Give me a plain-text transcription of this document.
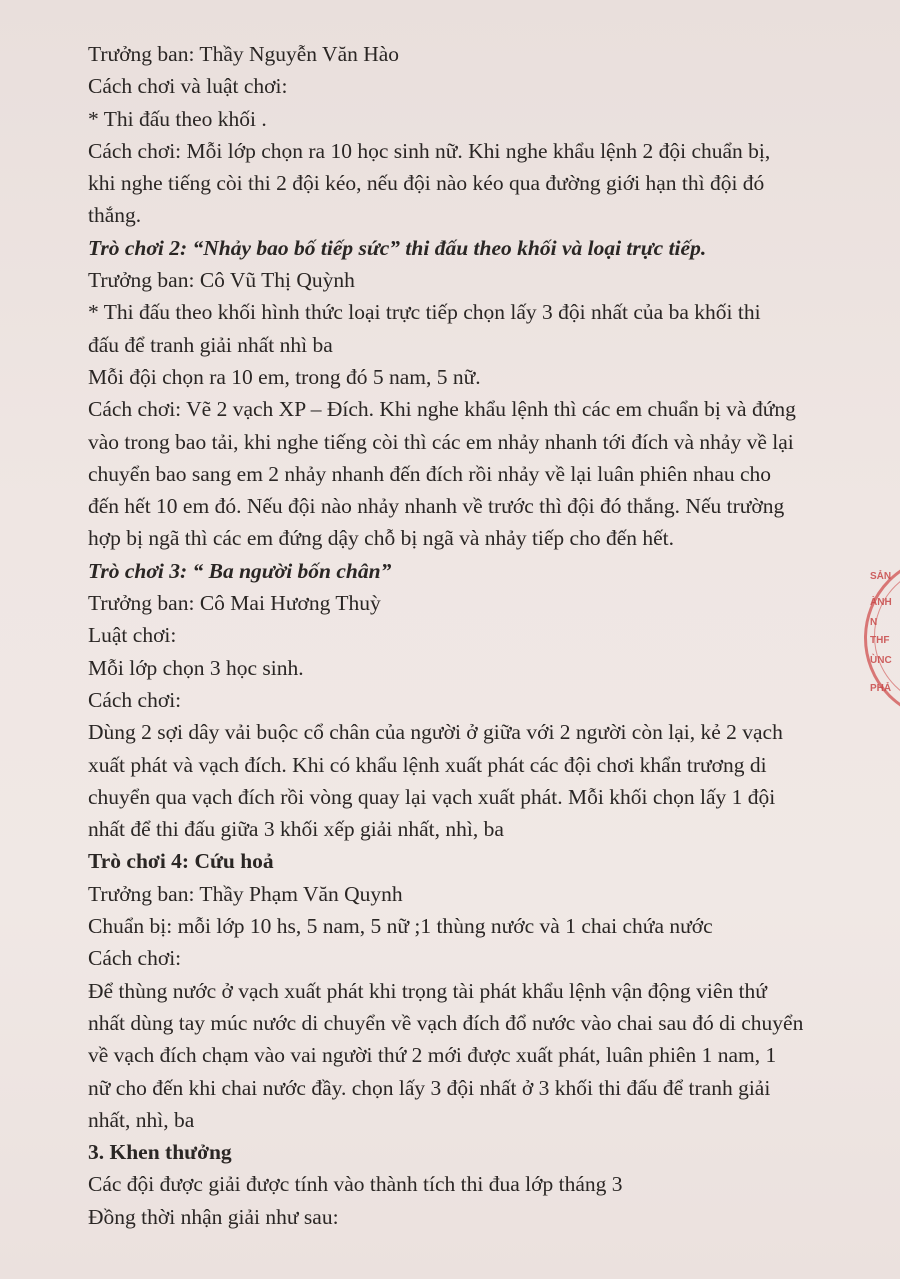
Trưởng ban: Thầy Nguyễn Văn Hào
Cách chơi và luật chơi:
* Thi đấu theo khối .
Cách chơi: Mỗi lớp chọn ra 10 học sinh nữ. Khi nghe khẩu lệnh 2 đội chuẩn bị,
khi nghe tiếng còi thi 2 đội kéo, nếu đội nào kéo qua đường giới hạn thì đội đó
thắng.
Trò chơi 2: “Nhảy bao bố tiếp sức” thi đấu theo khối và loại trực tiếp.
Trưởng ban: Cô Vũ Thị Quỳnh
* Thi đấu theo khối hình thức loại trực tiếp chọn lấy 3 đội nhất của ba khối thi
đấu để tranh giải nhất nhì ba
Mỗi đội chọn ra 10 em, trong đó 5 nam, 5 nữ.
Cách chơi: Vẽ 2 vạch XP – Đích. Khi nghe khẩu lệnh thì các em chuẩn bị và đứng
vào trong bao tải, khi nghe tiếng còi thì các em nhảy nhanh tới đích và nhảy về lại
chuyển bao sang em 2 nhảy nhanh đến đích rồi nhảy về lại luân phiên nhau cho
đến hết 10 em đó. Nếu đội nào nhảy nhanh về trước thì đội đó thắng. Nếu trường
hợp bị ngã thì các em đứng dậy chỗ bị ngã và nhảy tiếp cho đến hết.
Trò chơi 3: “ Ba người bốn chân”
Trưởng ban: Cô Mai Hương Thuỳ
Luật chơi:
Mỗi lớp chọn 3 học sinh.
Cách chơi:
Dùng 2 sợi dây vải buộc cổ chân của người ở giữa với 2 người còn lại, kẻ 2 vạch
xuất phát và vạch đích. Khi có khẩu lệnh xuất phát các đội chơi khẩn trương di
chuyển qua vạch đích rồi vòng quay lại vạch xuất phát. Mỗi khối chọn lấy 1 đội
nhất để thi đấu giữa 3 khối xếp giải nhất, nhì, ba
Trò chơi 4: Cứu hoả
Trưởng ban: Thầy Phạm Văn Quynh
Chuẩn bị: mỗi lớp 10 hs, 5 nam, 5 nữ ;1 thùng nước và 1 chai chứa nước
Cách chơi:
Để thùng nước ở vạch xuất phát khi trọng tài phát khẩu lệnh vận động viên thứ
nhất dùng tay múc nước di chuyển về vạch đích đổ nước vào chai sau đó di chuyển
về vạch đích chạm vào vai người thứ 2 mới được xuất phát, luân phiên 1 nam, 1
nữ cho đến khi chai nước đầy. chọn lấy 3 đội nhất ở 3 khối thi đấu để tranh giải
nhất, nhì, ba
3. Khen thưởng
Các đội được giải được tính vào thành tích thi đua lớp tháng 3
Đồng thời nhận giải như sau:
SẢN
ÀNH
N
THF
ÙNC
PHẢ
